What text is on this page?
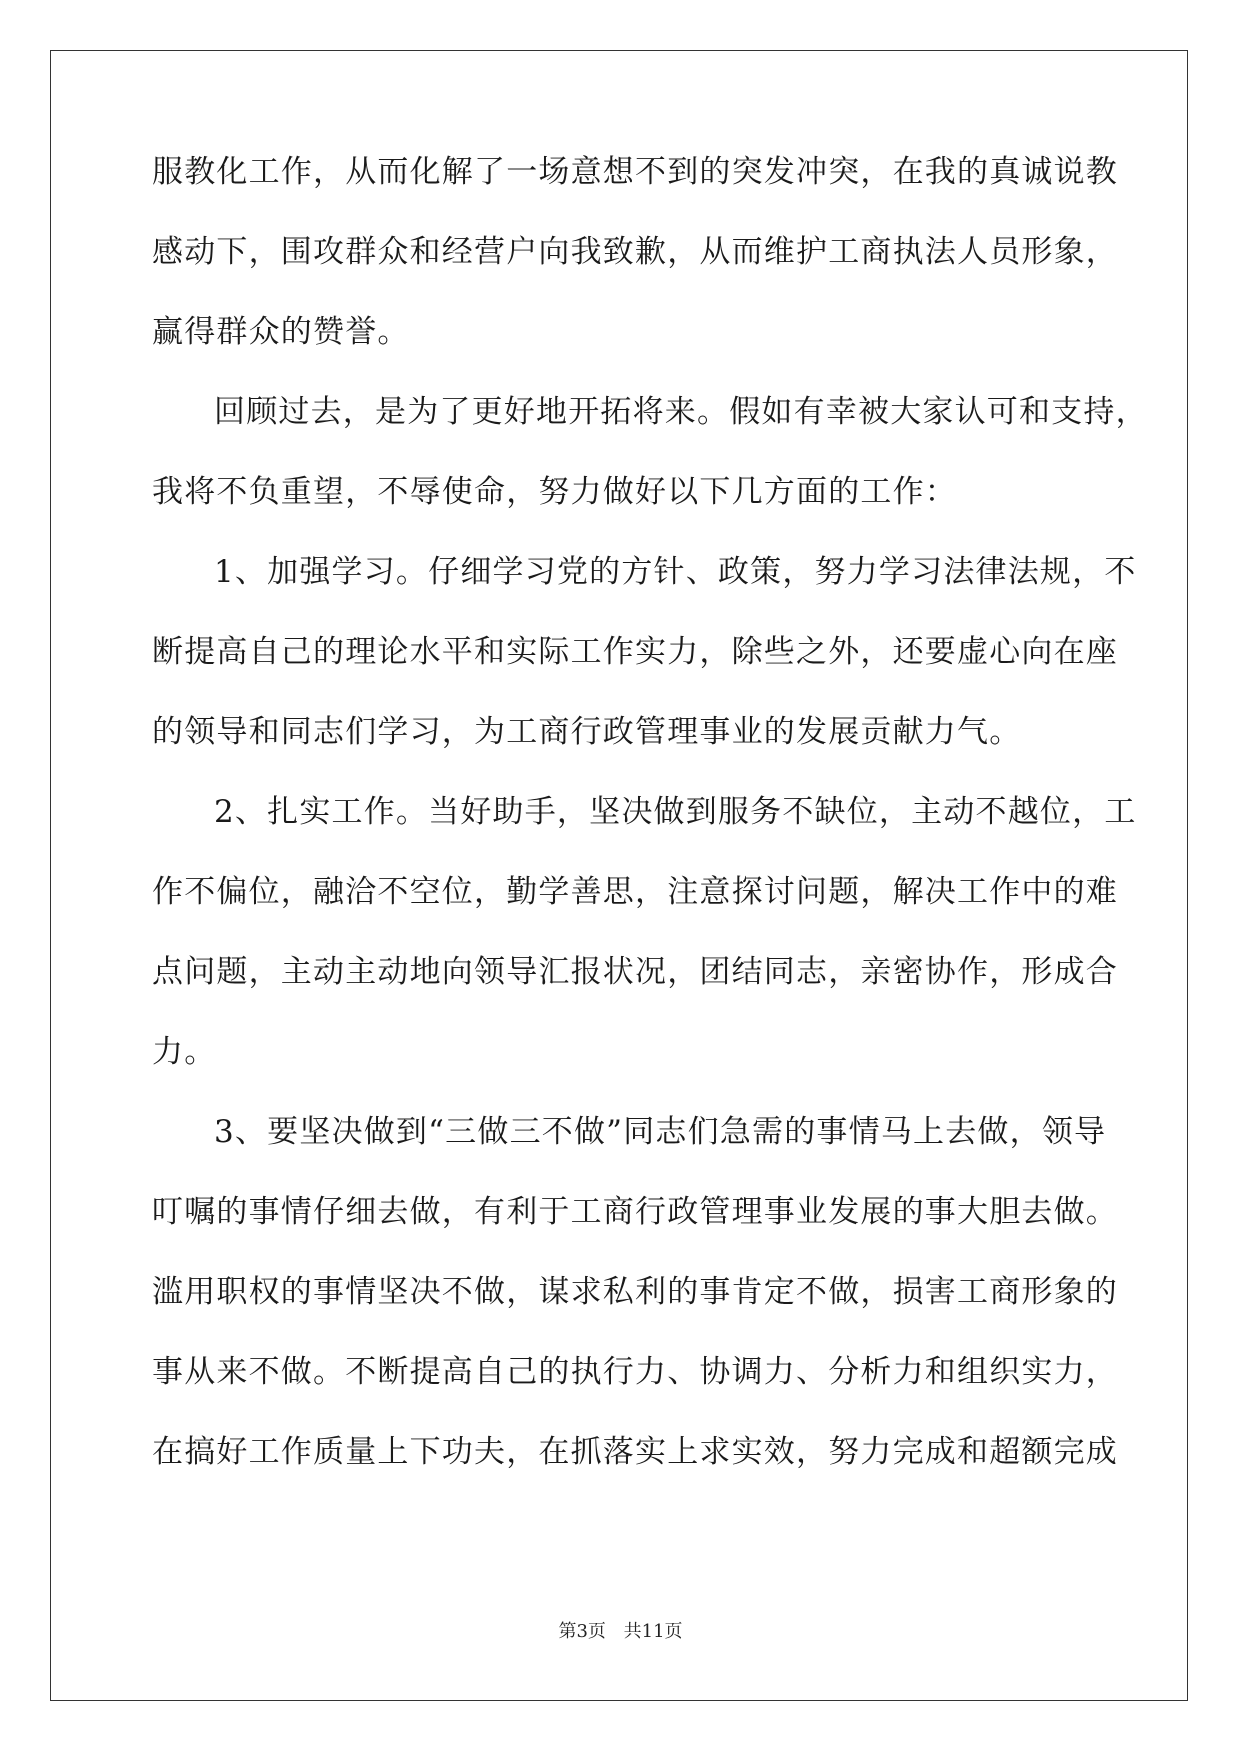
服教化工作，从而化解了一场意想不到的突发冲突，在我的真诚说教
感动下，围攻群众和经营户向我致歉，从而维护工商执法人员形象，
赢得群众的赞誉。
回顾过去，是为了更好地开拓将来。假如有幸被大家认可和支持，
我将不负重望，不辱使命，努力做好以下几方面的工作：
1、加强学习。仔细学习党的方针、政策，努力学习法律法规，不
断提高自己的理论水平和实际工作实力，除些之外，还要虚心向在座
的领导和同志们学习，为工商行政管理事业的发展贡献力气。
2、扎实工作。当好助手，坚决做到服务不缺位，主动不越位，工
作不偏位，融洽不空位，勤学善思，注意探讨问题，解决工作中的难
点问题，主动主动地向领导汇报状况，团结同志，亲密协作，形成合
力。
3、要坚决做到“三做三不做”同志们急需的事情马上去做，领导
叮嘱的事情仔细去做，有利于工商行政管理事业发展的事大胆去做。
滥用职权的事情坚决不做，谋求私利的事肯定不做，损害工商形象的
事从来不做。不断提高自己的执行力、协调力、分析力和组织实力，
在搞好工作质量上下功夫，在抓落实上求实效，努力完成和超额完成
第3页 共11页
